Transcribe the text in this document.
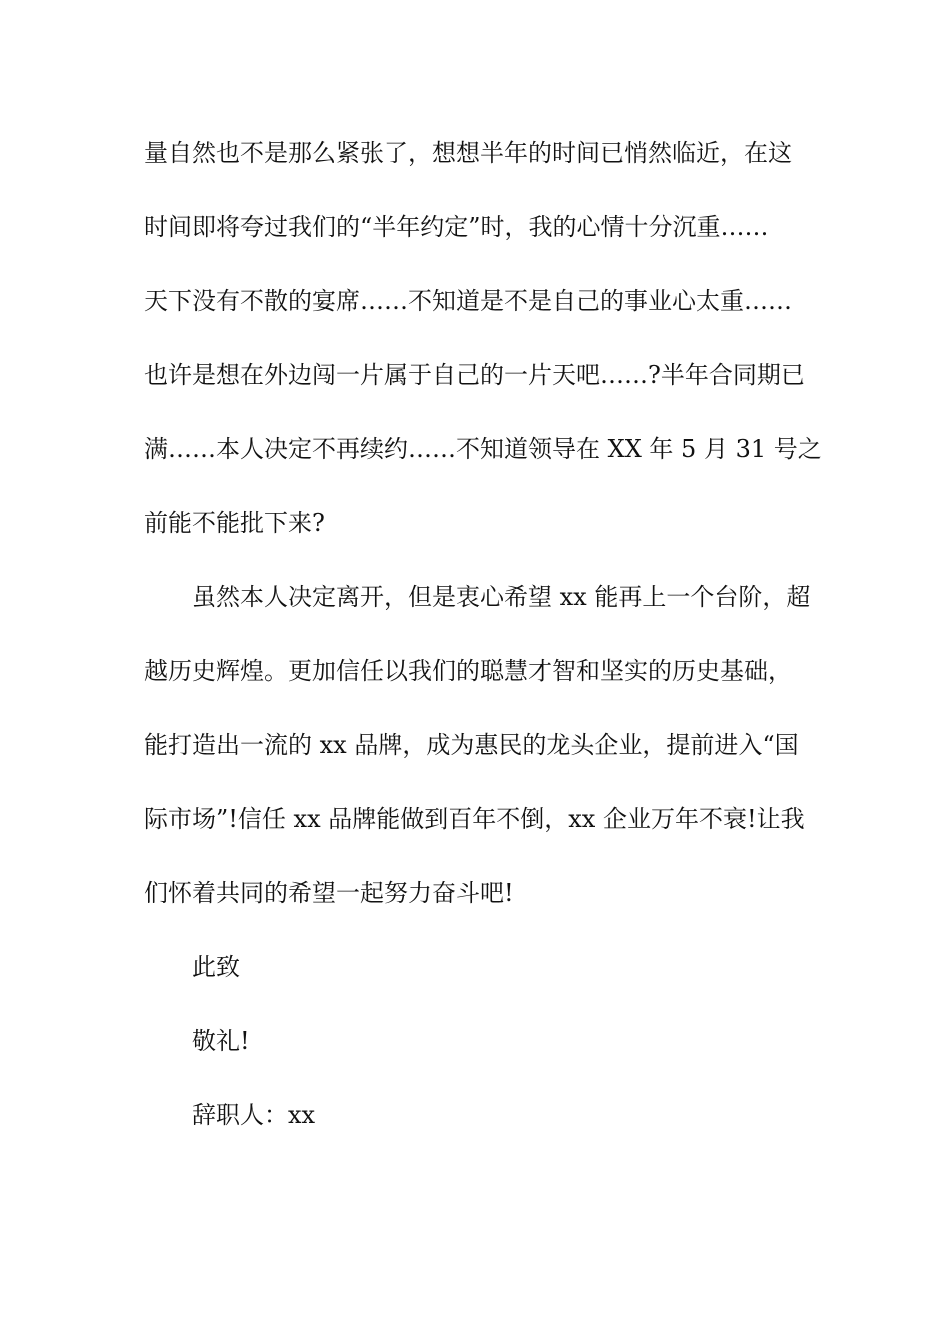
量自然也不是那么紧张了，想想半年的时间已悄然临近，在这
时间即将夸过我们的“半年约定”时，我的心情十分沉重……
天下没有不散的宴席……不知道是不是自己的事业心太重……
也许是想在外边闯一片属于自己的一片天吧……?半年合同期已
满……本人决定不再续约……不知道领导在 XX 年 5 月 31 号之
前能不能批下来?
虽然本人决定离开，但是衷心希望 xx 能再上一个台阶，超
越历史辉煌。更加信任以我们的聪慧才智和坚实的历史基础，
能打造出一流的 xx 品牌，成为惠民的龙头企业，提前进入“国
际市场”!信任 xx 品牌能做到百年不倒，xx 企业万年不衰!让我
们怀着共同的希望一起努力奋斗吧!
此致
敬礼!
辞职人：xx
